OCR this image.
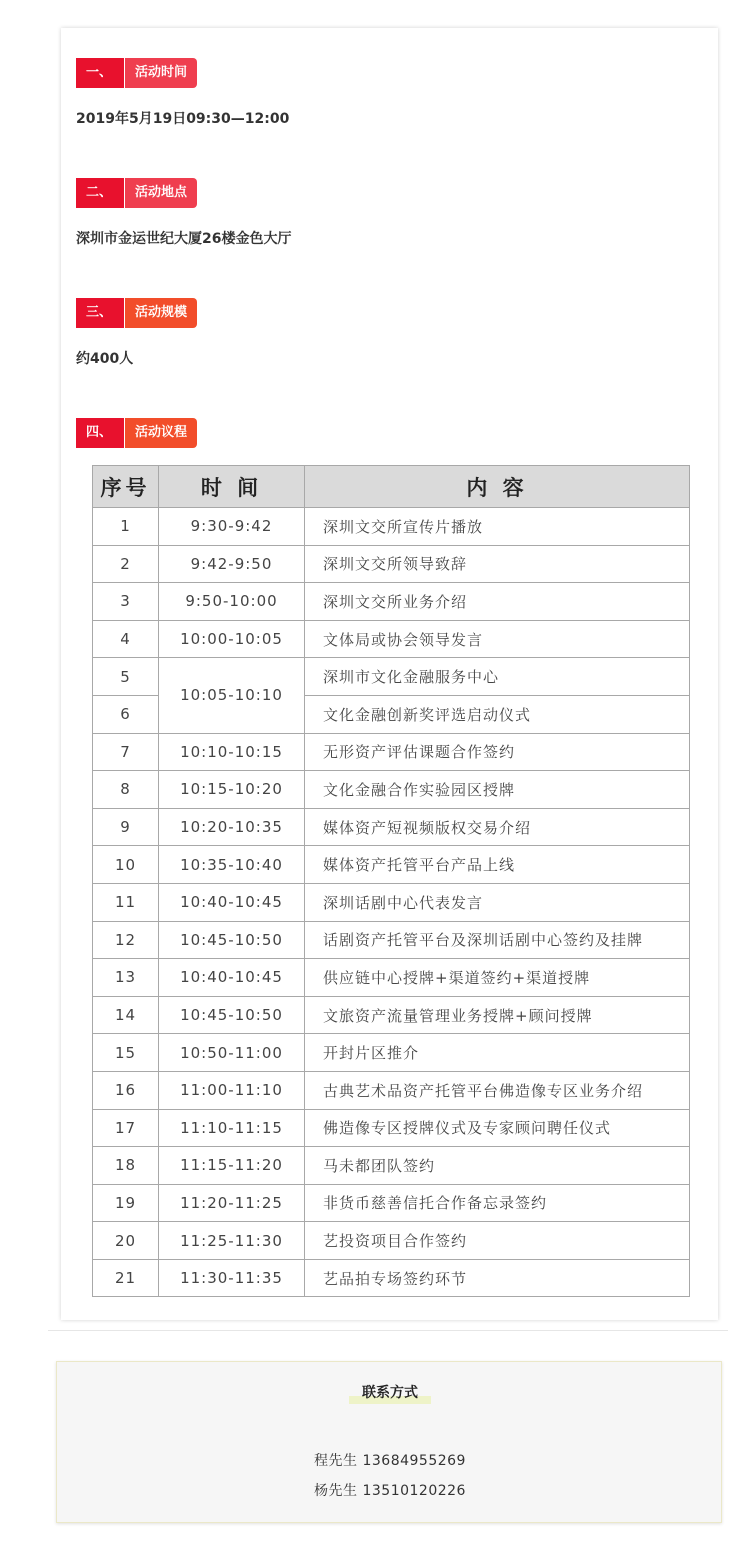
一、	活动时间
2019年5月19日09:30—12:00
二、	活动地点
深圳市金运世纪大厦26楼金色大厅
三、	活动规模
约400人
四、	活动议程
序号	时 间	内 容
1	9:30-9:42	深圳文交所宣传片播放
2	9:42-9:50	深圳文交所领导致辞
3	9:50-10:00	深圳文交所业务介绍
4	10:00-10:05	文体局或协会领导发言
5	10:05-10:10	深圳市文化金融服务中心
6		文化金融创新奖评选启动仪式
7	10:10-10:15	无形资产评估课题合作签约
8	10:15-10:20	文化金融合作实验园区授牌
9	10:20-10:35	媒体资产短视频版权交易介绍
10	10:35-10:40	媒体资产托管平台产品上线
11	10:40-10:45	深圳话剧中心代表发言
12	10:45-10:50	话剧资产托管平台及深圳话剧中心签约及挂牌
13	10:40-10:45	供应链中心授牌+渠道签约+渠道授牌
14	10:45-10:50	文旅资产流量管理业务授牌+顾问授牌
15	10:50-11:00	开封片区推介
16	11:00-11:10	古典艺术品资产托管平台佛造像专区业务介绍
17	11:10-11:15	佛造像专区授牌仪式及专家顾问聘任仪式
18	11:15-11:20	马未都团队签约
19	11:20-11:25	非货币慈善信托合作备忘录签约
20	11:25-11:30	艺投资项目合作签约
21	11:30-11:35	艺品拍专场签约环节
联系方式
程先生 13684955269
杨先生 13510120226
